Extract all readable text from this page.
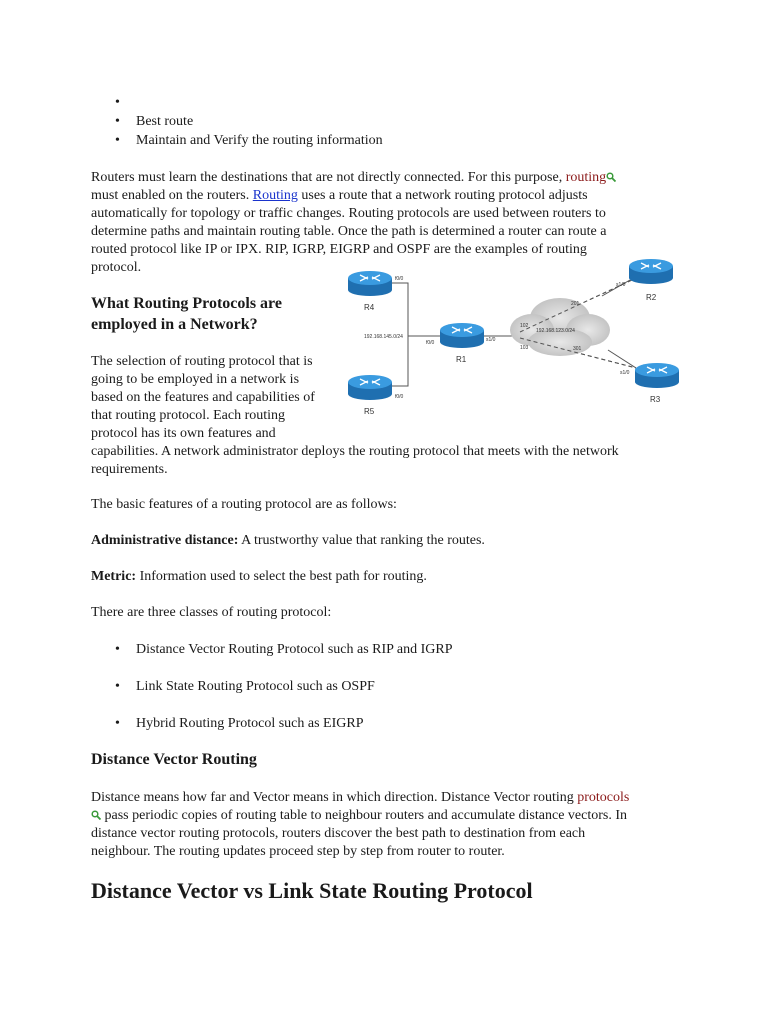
•
• Best route
• Maintain and Verify the routing information
Routers must learn the destinations that are not directly connected. For this purpose, routing
must enabled on the routers. Routing uses a route that a network routing protocol adjusts
automatically for topology or traffic changes. Routing protocols are used between routers to
determine paths and maintain routing table. Once the path is determined a router can route a
routed protocol like IP or IPX. RIP, IGRP, EIGRP and OSPF are the examples of routing
protocol.
What Routing Protocols are
employed in a Network?
The selection of routing protocol that is
going to be employed in a network is
based on the features and capabilities of
that routing protocol. Each routing
protocol has its own features and
capabilities. A network administrator deploys the routing protocol that meets with the network
requirements.
R4
R5
R1
R2
R3
f0/0
f0/0
f0/0	s1/0
s1/0
s1/0
192.168.145.0/24
192.168.123.0/24
102
103
201
301
The basic features of a routing protocol are as follows:
Administrative distance: A trustworthy value that ranking the routes.
Metric: Information used to select the best path for routing.
There are three classes of routing protocol:
• Distance Vector Routing Protocol such as RIP and IGRP
• Link State Routing Protocol such as OSPF
• Hybrid Routing Protocol such as EIGRP
Distance Vector Routing
Distance means how far and Vector means in which direction. Distance Vector routing protocols
pass periodic copies of routing table to neighbour routers and accumulate distance vectors. In
distance vector routing protocols, routers discover the best path to destination from each
neighbour. The routing updates proceed step by step from router to router.
Distance Vector vs Link State Routing Protocol
